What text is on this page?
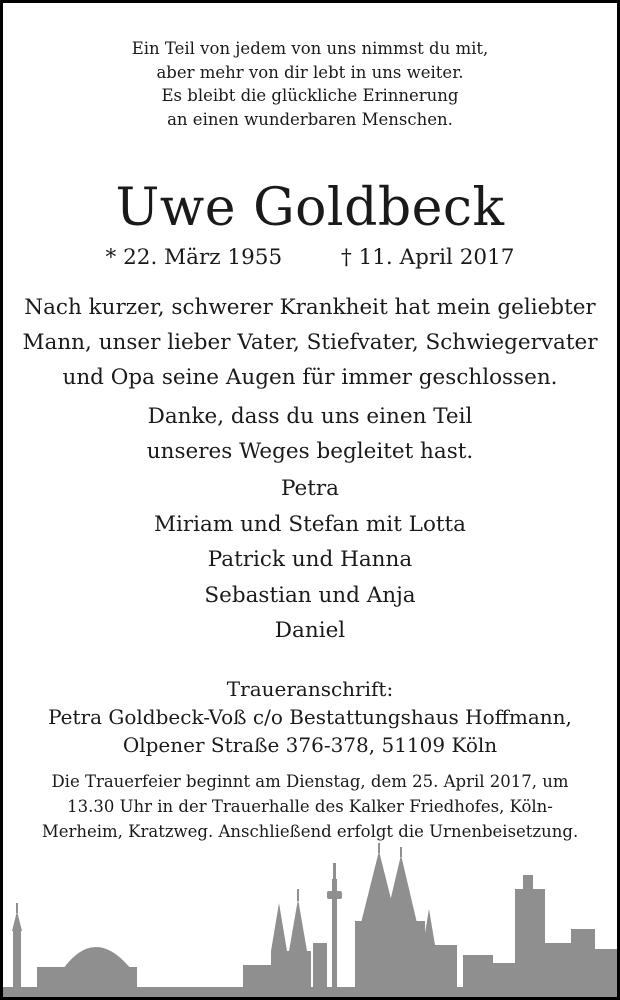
Ein Teil von jedem von uns nimmst du mit,
aber mehr von dir lebt in uns weiter.
Es bleibt die glückliche Erinnerung
an einen wunderbaren Menschen.
Uwe Goldbeck
* 22. März 1955	† 11. April 2017
Nach kurzer, schwerer Krankheit hat mein geliebter
Mann, unser lieber Vater, Stiefvater, Schwiegervater
und Opa seine Augen für immer geschlossen.
Danke, dass du uns einen Teil
unseres Weges begleitet hast.
Petra
Miriam und Stefan mit Lotta
Patrick und Hanna
Sebastian und Anja
Daniel
Traueranschrift:
Petra Goldbeck-Voß c/o Bestattungshaus Hoffmann,
Olpener Straße 376-378, 51109 Köln
Die Trauerfeier beginnt am Dienstag, dem 25. April 2017, um
13.30 Uhr in der Trauerhalle des Kalker Friedhofes, Köln-
Merheim, Kratzweg. Anschließend erfolgt die Urnenbeisetzung.
